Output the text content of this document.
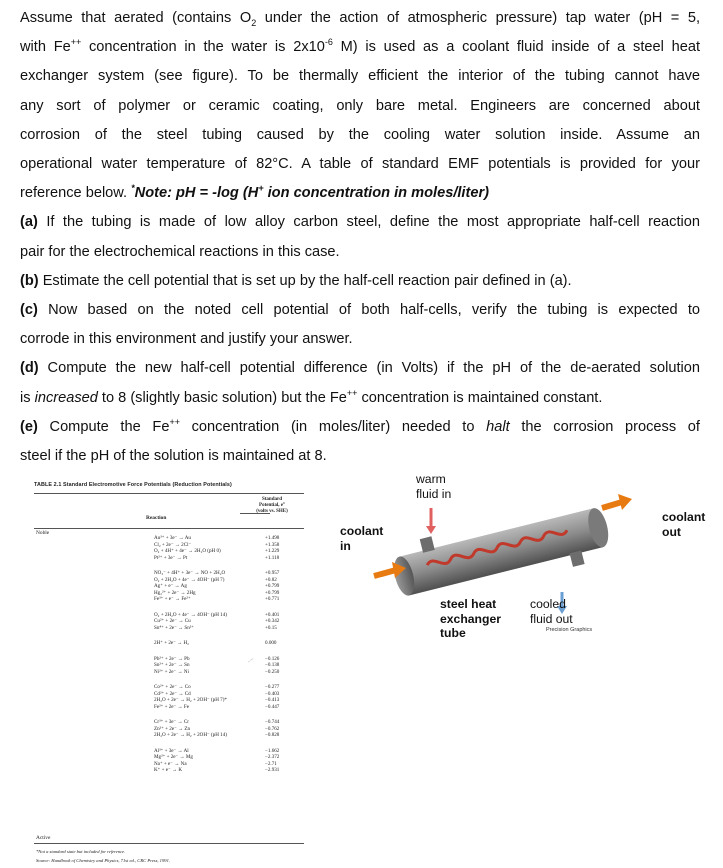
Assume that aerated (contains $O_2$ under the action of atmospheric pressure) tap water (pH = 5,
with Fe++ concentration in the water is $2x10^{-6}$ M) is used as a coolant fluid inside of a steel heat
exchanger system (see figure). To be thermally efficient the interior of the tubing cannot have
any sort of polymer or ceramic coating, only bare metal. Engineers are concerned about
corrosion of the steel tubing caused by the cooling water solution inside. Assume an
operational water temperature of 82°C. A table of standard EMF potentials is provided for your
reference below. *Note: pH = -log (H+ ion concentration in moles/liter)
(a) If the tubing is made of low alloy carbon steel, define the most appropriate half-cell reaction
pair for the electrochemical reactions in this case.
(b) Estimate the cell potential that is set up by the half-cell reaction pair defined in (a).
(c) Now based on the noted cell potential of both half-cells, verify the tubing is expected to
corrode in this environment and justify your answer.
(d) Compute the new half-cell potential difference (in Volts) if the pH of the de-aerated solution
is increased to 8 (slightly basic solution) but the Fe++ concentration is maintained constant.
(e) Compute the Fe++ concentration (in moles/liter) needed to halt the corrosion process of
steel if the pH of the solution is maintained at 8.
TABLE 2.1 Standard Electromotive Force Potentials (Reduction Potentials)
Standard
Potential, e°
(volts vs. SHE)
Reaction
Noble
Au³⁺ + 3e⁻ → Au
Cl₂ + 2e⁻ → 2Cl⁻
O₂ + 4H⁺ + 4e⁻ → 2H₂O (pH 0)
Pt²⁺ + 3e⁻ → Pt
NO₃⁻ + 4H⁺ + 3e⁻ → NO + 2H₂O
O₂ + 2H₂O + 4e⁻ → 4OH⁻ (pH 7)
Ag⁺ + e⁻ → Ag
Hg₂²⁺ + 2e⁻ → 2Hg
Fe³⁺ + e⁻ → Fe²⁺
O₂ + 2H₂O + 4e⁻ → 4OH⁻ (pH 14)
Cu²⁺ + 2e⁻ → Cu
Sn⁴⁺ + 2e⁻ → Sn²⁺
2H⁺ + 2e⁻ → H₂
Pb²⁺ + 2e⁻ → Pb
Sn²⁺ + 2e⁻ → Sn
Ni²⁺ + 2e⁻ → Ni
Co²⁺ + 2e⁻ → Co
Cd²⁺ + 2e⁻ → Cd
2H₂O + 2e⁻ → H₂ + 2OH⁻ (pH 7)*
Fe²⁺ + 2e⁻ → Fe
Cr³⁺ + 3e⁻ → Cr
Zn²⁺ + 2e⁻ → Zn
2H₂O + 2e⁻ → H₂ + 2OH⁻ (pH 14)
Al³⁺ + 3e⁻ → Al
Mg²⁺ + 2e⁻ → Mg
Na⁺ + e⁻ → Na
K⁺ + e⁻ → K
+1.498
+1.358
+1.229
+1.118
+0.957
+0.82
+0.799
+0.799
+0.771
+0.401
+0.342
+0.15
0.000
−0.126
−0.138
−0.250
−0.277
−0.403
−0.413
−0.447
−0.744
−0.762
−0.828
−1.662
−2.372
−2.71
−2.931
~~
Active
*Not a standard state but included for reference.
Source: Handbook of Chemistry and Physics, 71st ed., CRC Press, 1991.
warm
fluid in
coolant
out
coolant
in
steel heat
exchanger
tube
cooled
fluid out
Precision Graphics
